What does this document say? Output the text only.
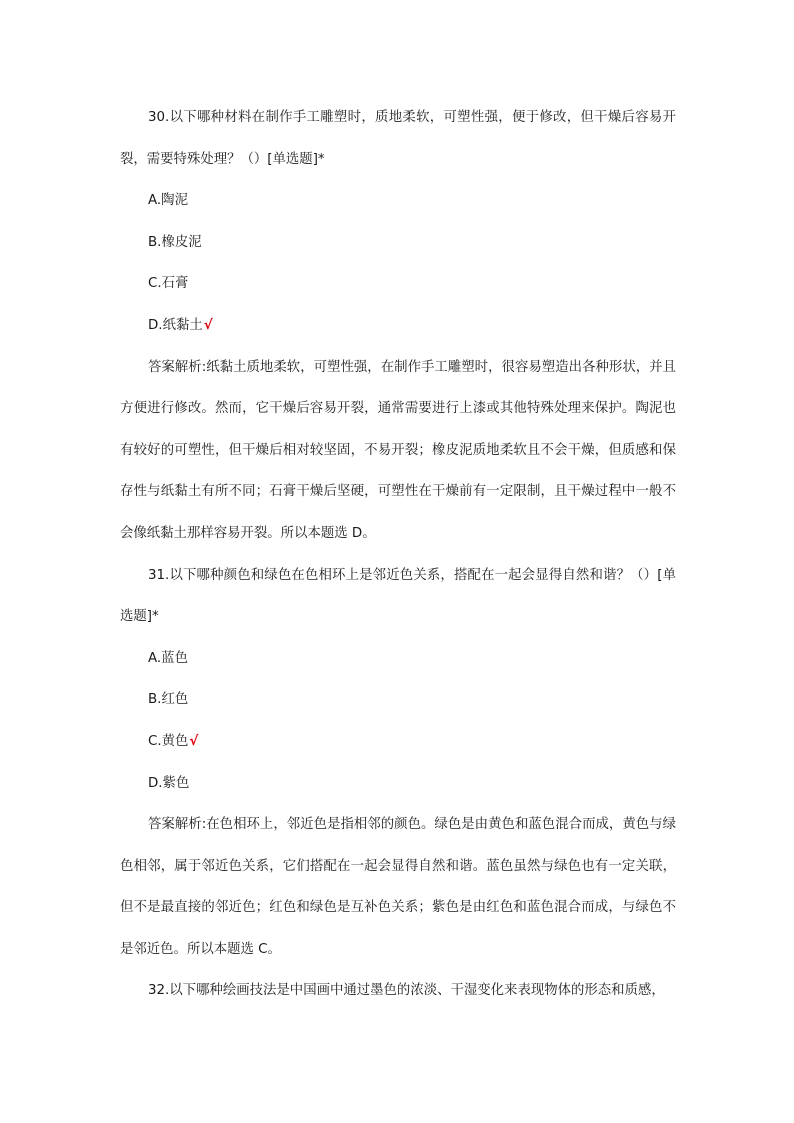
30.以下哪种材料在制作手工雕塑时，质地柔软，可塑性强，便于修改，但干燥后容易开裂，需要特殊处理？（）[单选题]*

A.陶泥

B.橡皮泥

C.石膏

D.纸黏土√

答案解析:纸黏土质地柔软，可塑性强，在制作手工雕塑时，很容易塑造出各种形状，并且方便进行修改。然而，它干燥后容易开裂，通常需要进行上漆或其他特殊处理来保护。陶泥也有较好的可塑性，但干燥后相对较坚固，不易开裂；橡皮泥质地柔软且不会干燥，但质感和保存性与纸黏土有所不同；石膏干燥后坚硬，可塑性在干燥前有一定限制，且干燥过程中一般不会像纸黏土那样容易开裂。所以本题选 D。

31.以下哪种颜色和绿色在色相环上是邻近色关系，搭配在一起会显得自然和谐？（）[单选题]*

A.蓝色

B.红色

C.黄色√

D.紫色

答案解析:在色相环上，邻近色是指相邻的颜色。绿色是由黄色和蓝色混合而成，黄色与绿色相邻，属于邻近色关系，它们搭配在一起会显得自然和谐。蓝色虽然与绿色也有一定关联，但不是最直接的邻近色；红色和绿色是互补色关系；紫色是由红色和蓝色混合而成，与绿色不是邻近色。所以本题选 C。

32.以下哪种绘画技法是中国画中通过墨色的浓淡、干湿变化来表现物体的形态和质感，
